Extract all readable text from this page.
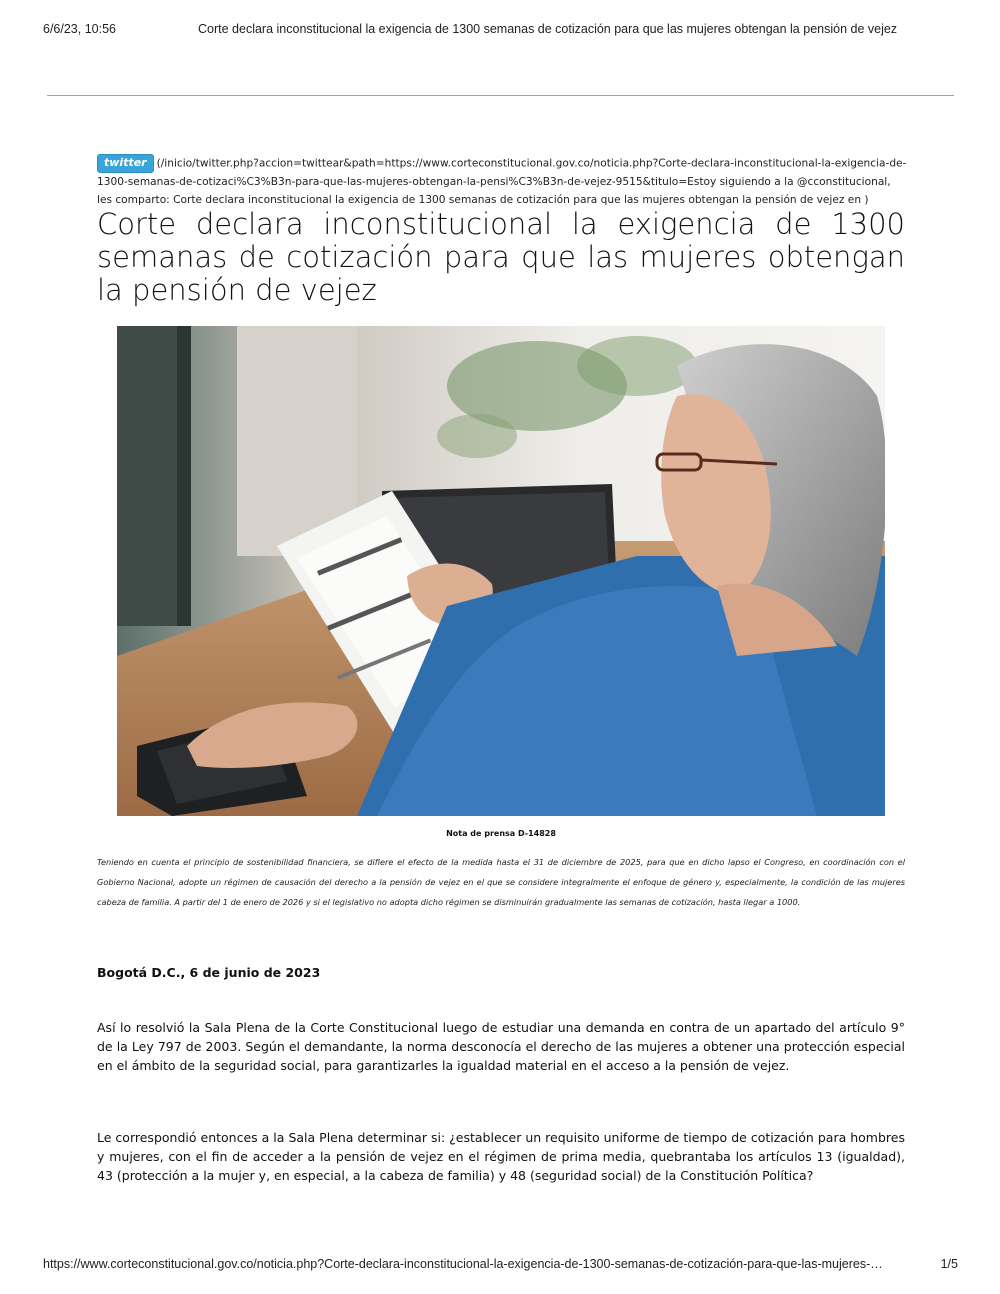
6/6/23, 10:56	Corte declara inconstitucional la exigencia de 1300 semanas de cotización para que las mujeres obtengan la pensión de vejez
twitter (/inicio/twitter.php?accion=twittear&path=https://www.corteconstitucional.gov.co/noticia.php?Corte-declara-inconstitucional-la-exigencia-de-1300-semanas-de-cotizaci%C3%B3n-para-que-las-mujeres-obtengan-la-pensi%C3%B3n-de-vejez-9515&titulo=Estoy siguiendo a la @cconstitucional, les comparto: Corte declara inconstitucional la exigencia de 1300 semanas de cotización para que las mujeres obtengan la pensión de vejez en )
Corte declara inconstitucional la exigencia de 1300 semanas de cotización para que las mujeres obtengan la pensión de vejez
Nota de prensa D-14828

Teniendo en cuenta el principio de sostenibilidad financiera, se difiere el efecto de la medida hasta el 31 de diciembre de 2025, para que en dicho lapso el Congreso, en coordinación con el Gobierno Nacional, adopte un régimen de causación del derecho a la pensión de vejez en el que se considere integralmente el enfoque de género y, especialmente, la condición de las mujeres cabeza de familia. A partir del 1 de enero de 2026 y si el legislativo no adopta dicho régimen se disminuirán gradualmente las semanas de cotización, hasta llegar a 1000.

Bogotá D.C., 6 de junio de 2023

Así lo resolvió la Sala Plena de la Corte Constitucional luego de estudiar una demanda en contra de un apartado del artículo 9° de la Ley 797 de 2003. Según el demandante, la norma desconocía el derecho de las mujeres a obtener una protección especial en el ámbito de la seguridad social, para garantizarles la igualdad material en el acceso a la pensión de vejez.

Le correspondió entonces a la Sala Plena determinar si: ¿establecer un requisito uniforme de tiempo de cotización para hombres y mujeres, con el fin de acceder a la pensión de vejez en el régimen de prima media, quebrantaba los artículos 13 (igualdad), 43 (protección a la mujer y, en especial, a la cabeza de familia) y 48 (seguridad social) de la Constitución Política?

https://www.corteconstitucional.gov.co/noticia.php?Corte-declara-inconstitucional-la-exigencia-de-1300-semanas-de-cotización-para-que-las-mujeres-…	1/5
